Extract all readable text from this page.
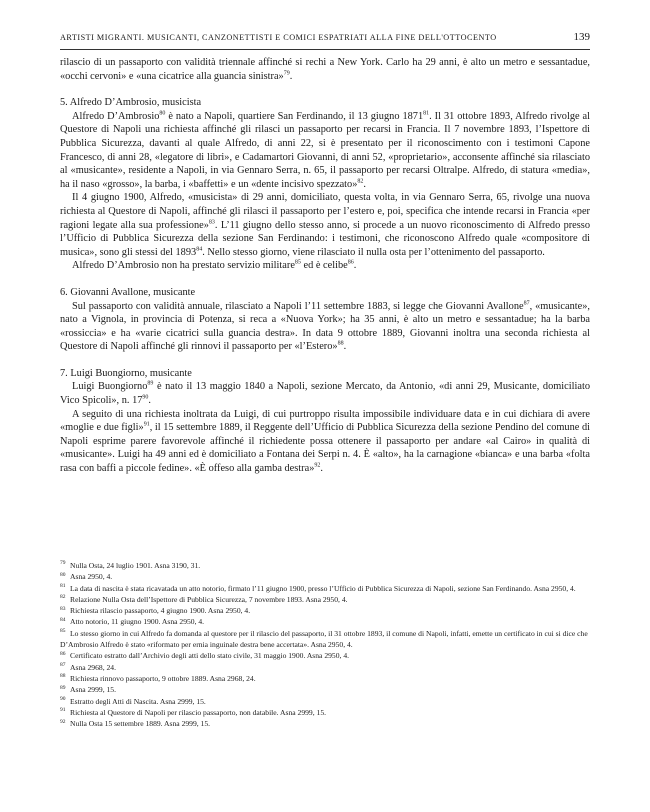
ARTISTI MIGRANTI. MUSICANTI, CANZONETTISTI E COMICI ESPATRIATI ALLA FINE DELL'OTTOCENTO	139

rilascio di un passaporto con validità triennale affinché si rechi a New York. Carlo ha 29 anni, è alto un metro e sessantadue, «occhi cervoni» e «una cicatrice alla guancia sinistra»$^{79}$.

5. Alfredo D’Ambrosio, musicista

Alfredo D’Ambrosio$^{80}$ è nato a Napoli, quartiere San Ferdinando, il 13 giugno 1871$^{81}$. Il 31 ottobre 1893, Alfredo rivolge al Questore di Napoli una richiesta affinché gli rilasci un passaporto per recarsi in Francia. Il 7 novembre 1893, l’Ispettore di Pubblica Sicurezza, davanti al quale Alfredo, di anni 22, si è presentato per il riconoscimento con i testimoni Capone Francesco, di anni 28, «legatore di libri», e Cadamartori Giovanni, di anni 52, «proprietario», acconsente affinché sia rilasciato al «musicante», residente a Napoli, in via Gennaro Serra, n. 65, il passaporto per recarsi Oltralpe. Alfredo, di statura «media», ha il naso «grosso», la barba, i «baffetti» e un «dente incisivo spezzato»$^{82}$.

Il 4 giugno 1900, Alfredo, «musicista» di 29 anni, domiciliato, questa volta, in via Gennaro Serra, 65, rivolge una nuova richiesta al Questore di Napoli, affinché gli rilasci il passaporto per l’estero e, poi, specifica che intende recarsi in Francia «per ragioni legate alla sua professione»$^{83}$. L’11 giugno dello stesso anno, si procede a un nuovo riconoscimento di Alfredo presso l’Ufficio di Pubblica Sicurezza della sezione San Ferdinando: i testimoni, che riconoscono Alfredo quale «compositore di musica», sono gli stessi del 1893$^{84}$. Nello stesso giorno, viene rilasciato il nulla osta per l’ottenimento del passaporto.

Alfredo D’Ambrosio non ha prestato servizio militare$^{85}$ ed è celibe$^{86}$.

6. Giovanni Avallone, musicante

Sul passaporto con validità annuale, rilasciato a Napoli l’11 settembre 1883, si legge che Giovanni Avallone$^{87}$, «musicante», nato a Vignola, in provincia di Potenza, si reca a «Nuova York»; ha 35 anni, è alto un metro e sessantadue; ha la barba «rossiccia» e ha «varie cicatrici sulla guancia destra». In data 9 ottobre 1889, Giovanni inoltra una seconda richiesta al Questore di Napoli affinché gli rinnovi il passaporto per «l’Estero»$^{88}$.

7. Luigi Buongiorno, musicante

Luigi Buongiorno$^{89}$ è nato il 13 maggio 1840 a Napoli, sezione Mercato, da Antonio, «di anni 29, Musicante, domiciliato Vico Spicoli», n. $17^{90}$.

A seguito di una richiesta inoltrata da Luigi, di cui purtroppo risulta impossibile individuare data e in cui dichiara di avere «moglie e due figli»$^{91}$, il 15 settembre 1889, il Reggente dell’Ufficio di Pubblica Sicurezza della sezione Pendino del comune di Napoli esprime parere favorevole affinché il richiedente possa ottenere il passaporto per andare «al Cairo» in qualità di «musicante». Luigi ha 49 anni ed è domiciliato a Fontana dei Serpi n. 4. È «alto», ha la carnagione «bianca» e una barba «folta rasa con baffi a piccole fedine». «È offeso alla gamba destra»$^{92}$.

79 Nulla Osta, 24 luglio 1901. Asna 3190, 31.

80 Asna 2950, 4.

81 La data di nascita è stata ricavatada un atto notorio, firmato l’11 giugno 1900, presso l’Ufficio di Pubblica Sicurezza di Napoli, sezione San Ferdinando. Asna 2950, 4.

82 Relazione Nulla Osta dell’Ispettore di Pubblica Sicurezza, 7 novembre 1893. Asna 2950, 4.

83 Richiesta rilascio passaporto, 4 giugno 1900. Asna 2950, 4.

84 Atto notorio, 11 giugno 1900. Asna 2950, 4.

85 Lo stesso giorno in cui Alfredo fa domanda al questore per il rilascio del passaporto, il 31 ottobre 1893, il comune di Napoli, infatti, emette un certificato in cui si dice che D’Ambrosio Alfredo è stato «riformato per ernia inguinale destra bene accertata». Asna 2950, 4.

86 Certificato estratto dall’Archivio degli atti dello stato civile, 31 maggio 1900. Asna 2950, 4.

87 Asna 2968, 24.

88 Richiesta rinnovo passaporto, 9 ottobre 1889. Asna 2968, 24.

89 Asna 2999, 15.

90 Estratto degli Atti di Nascita. Asna 2999, 15.

91 Richiesta al Questore di Napoli per rilascio passaporto, non databile. Asna 2999, 15.

92 Nulla Osta 15 settembre 1889. Asna 2999, 15.
